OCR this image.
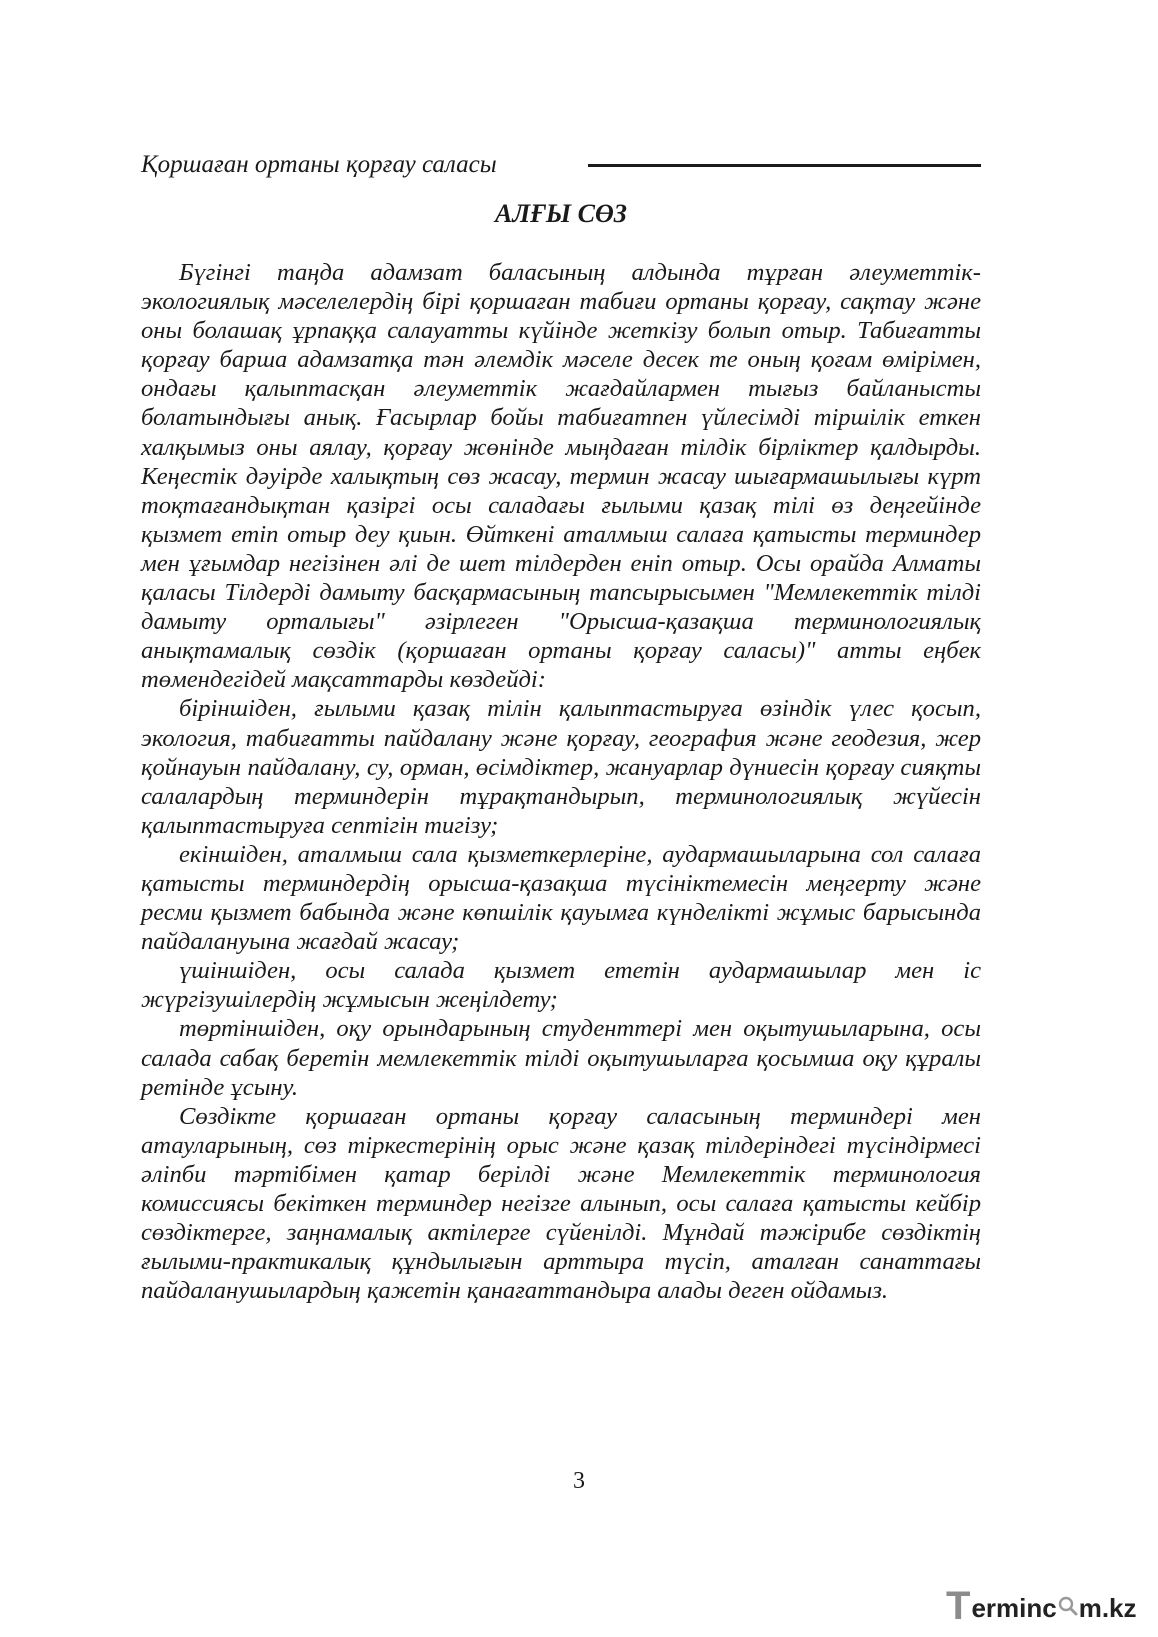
Қоршаған ортаны қорғау саласы
АЛҒЫ СӨЗ

Бүгінгі таңда адамзат баласының алдында тұрған әлеуметтік-экологиялық мәселелердің бірі қоршаған табиғи ортаны қорғау, сақтау және оны болашақ ұрпаққа салауатты күйінде жеткізу болып отыр. Табиғатты қорғау барша адамзатқа тән әлемдік мәселе десек те оның қоғам өмірімен, ондағы қалыптасқан әлеуметтік жағдайлармен тығыз байланысты болатындығы анық. Ғасырлар бойы табиғатпен үйлесімді тіршілік еткен халқымыз оны аялау, қорғау жөнінде мыңдаған тілдік бірліктер қалдырды. Кеңестік дәуірде халықтың сөз жасау, термин жасау шығармашылығы күрт тоқтағандықтан қазіргі осы саладағы ғылыми қазақ тілі өз деңгейінде қызмет етіп отыр деу қиын. Өйткені аталмыш салаға қатысты терминдер мен ұғымдар негізінен әлі де шет тілдерден еніп отыр. Осы орайда Алматы қаласы Тілдерді дамыту басқармасының тапсырысымен "Мемлекеттік тілді дамыту орталығы" әзірлеген "Орысша-қазақша терминологиялық анықтамалық сөздік (қоршаған ортаны қорғау саласы)" атты еңбек төмендегідей мақсаттарды көздейді:

біріншіден, ғылыми қазақ тілін қалыптастыруға өзіндік үлес қосып, экология, табиғатты пайдалану және қорғау, география және геодезия, жер қойнауын пайдалану, су, орман, өсімдіктер, жануарлар дүниесін қорғау сияқты салалардың терминдерін тұрақтандырып, терминологиялық жүйесін қалыптастыруға септігін тигізу;

екіншіден, аталмыш сала қызметкерлеріне, аудармашыларына сол салаға қатысты терминдердің орысша-қазақша түсініктемесін меңгерту және ресми қызмет бабында және көпшілік қауымға күнделікті жұмыс барысында пайдалануына жағдай жасау;

үшіншіден, осы салада қызмет ететін аудармашылар мен іс жүргізушілердің жұмысын жеңілдету;

төртіншіден, оқу орындарының студенттері мен оқытушыларына, осы салада сабақ беретін мемлекеттік тілді оқытушыларға қосымша оқу құралы ретінде ұсыну.

Сөздікте қоршаған ортаны қорғау саласының терминдері мен атауларының, сөз тіркестерінің орыс және қазақ тілдеріндегі түсіндірмесі әліпби тәртібімен қатар берілді және Мемлекеттік терминология комиссиясы бекіткен терминдер негізге алынып, осы салаға қатысты кейбір сөздіктерге, заңнамалық актілерге сүйенілді. Мұндай тәжірибе сөздіктің ғылыми-практикалық құндылығын арттыра түсіп, аталған санаттағы пайдаланушылардың қажетін қанағаттандыра алады деген ойдамыз.

3
T erminc m.kz
